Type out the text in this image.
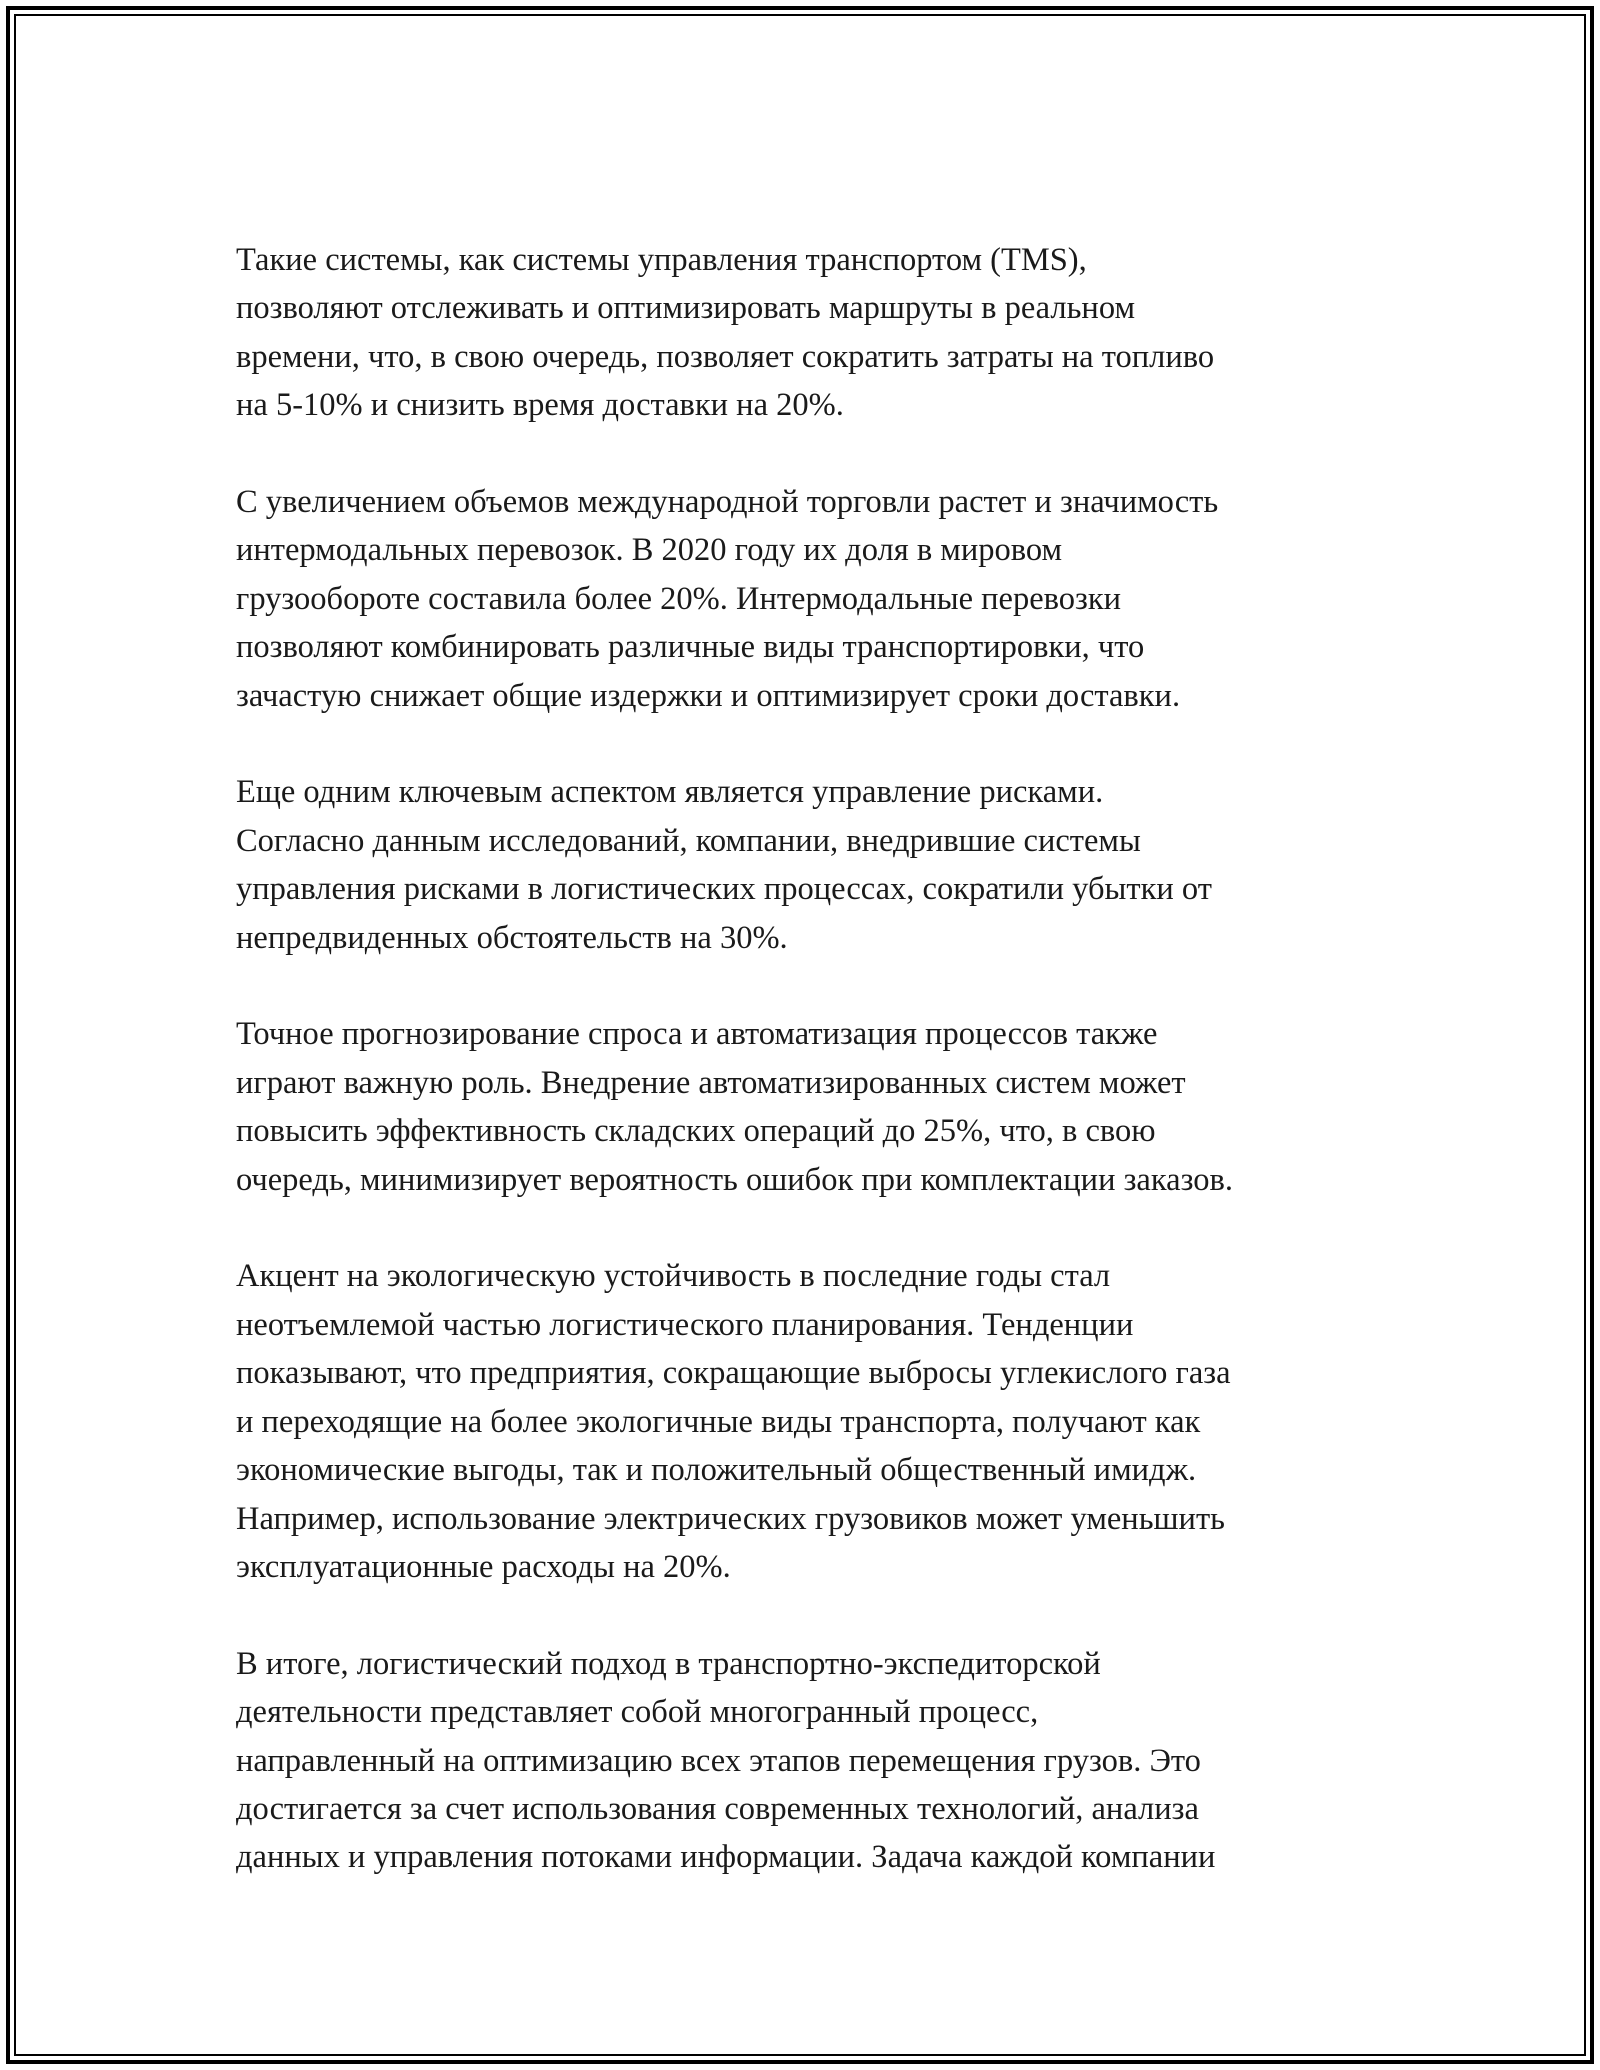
Такие системы, как системы управления транспортом (TMS),
позволяют отслеживать и оптимизировать маршруты в реальном
времени, что, в свою очередь, позволяет сократить затраты на топливо
на 5-10% и снизить время доставки на 20%.

С увеличением объемов международной торговли растет и значимость
интермодальных перевозок. В 2020 году их доля в мировом
грузообороте составила более 20%. Интермодальные перевозки
позволяют комбинировать различные виды транспортировки, что
зачастую снижает общие издержки и оптимизирует сроки доставки.

Еще одним ключевым аспектом является управление рисками.
Согласно данным исследований, компании, внедрившие системы
управления рисками в логистических процессах, сократили убытки от
непредвиденных обстоятельств на 30%.

Точное прогнозирование спроса и автоматизация процессов также
играют важную роль. Внедрение автоматизированных систем может
повысить эффективность складских операций до 25%, что, в свою
очередь, минимизирует вероятность ошибок при комплектации заказов.

Акцент на экологическую устойчивость в последние годы стал
неотъемлемой частью логистического планирования. Тенденции
показывают, что предприятия, сокращающие выбросы углекислого газа
и переходящие на более экологичные виды транспорта, получают как
экономические выгоды, так и положительный общественный имидж.
Например, использование электрических грузовиков может уменьшить
эксплуатационные расходы на 20%.

В итоге, логистический подход в транспортно-экспедиторской
деятельности представляет собой многогранный процесс,
направленный на оптимизацию всех этапов перемещения грузов. Это
достигается за счет использования современных технологий, анализа
данных и управления потоками информации. Задача каждой компании
